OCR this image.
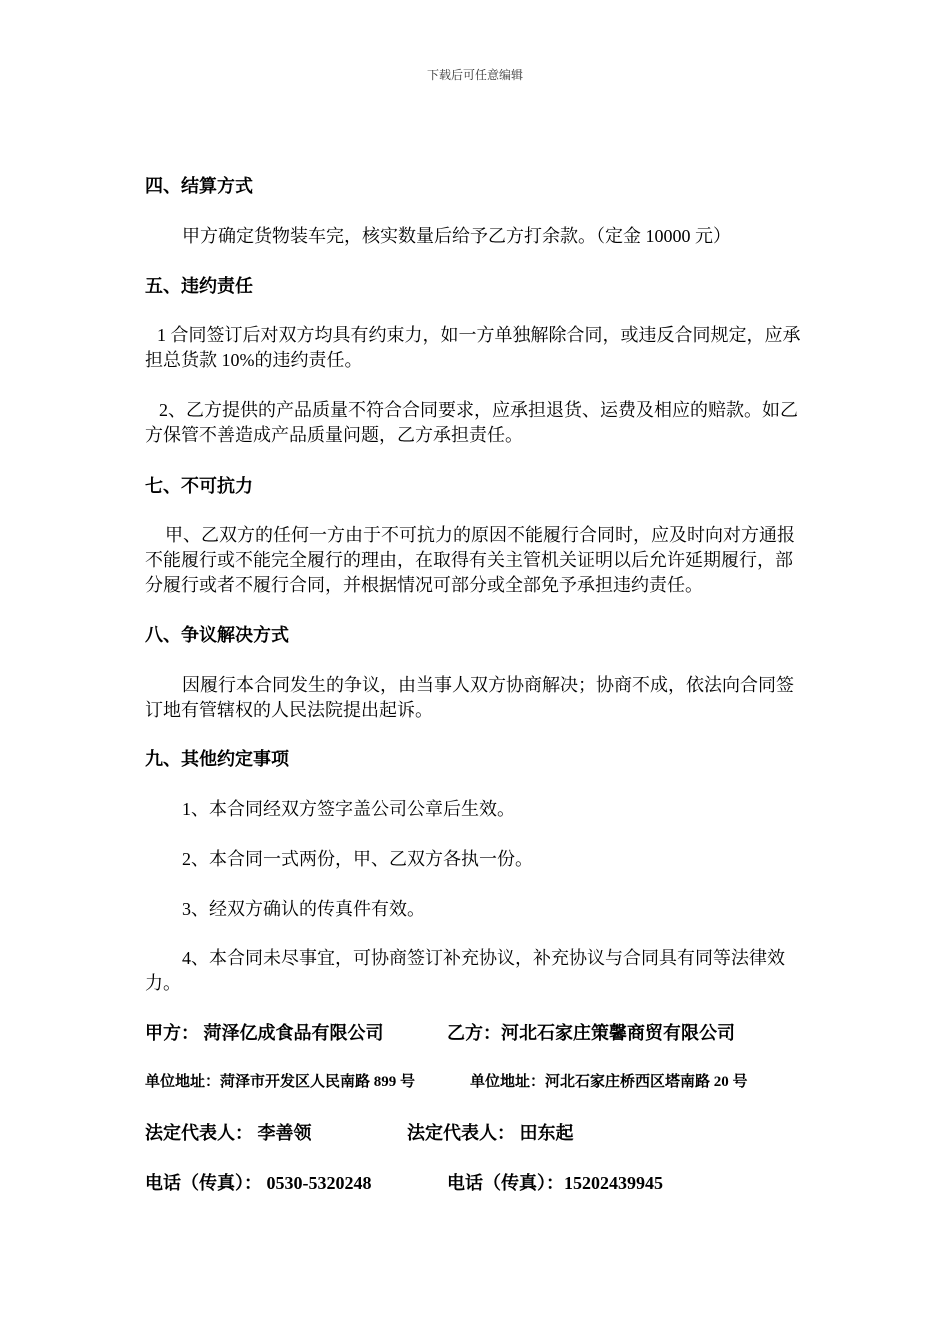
下载后可任意编辑
四、结算方式
甲方确定货物装车完，核实数量后给予乙方打余款。（定金 10000 元）
五、违约责任
1 合同签订后对双方均具有约束力，如一方单独解除合同，或违反合同规定，应承担总货款 10%的违约责任。
2、乙方提供的产品质量不符合合同要求，应承担退货、运费及相应的赔款。如乙方保管不善造成产品质量问题，乙方承担责任。
七、不可抗力
甲、乙双方的任何一方由于不可抗力的原因不能履行合同时，应及时向对方通报不能履行或不能完全履行的理由，在取得有关主管机关证明以后允许延期履行，部分履行或者不履行合同，并根据情况可部分或全部免予承担违约责任。
八、争议解决方式
因履行本合同发生的争议，由当事人双方协商解决；协商不成，依法向合同签订地有管辖权的人民法院提出起诉。
九、其他约定事项
1、本合同经双方签字盖公司公章后生效。
2、本合同一式两份，甲、乙双方各执一份。
3、经双方确认的传真件有效。
4、本合同未尽事宜，可协商签订补充协议，补充协议与合同具有同等法律效力。
甲方： 菏泽亿成食品有限公司	乙方：河北石家庄策馨商贸有限公司
单位地址：菏泽市开发区人民南路 899 号	单位地址：河北石家庄桥西区塔南路 20 号
法定代表人： 李善领	法定代表人： 田东起
电话（传真）： 0530-5320248	电话（传真）：15202439945
